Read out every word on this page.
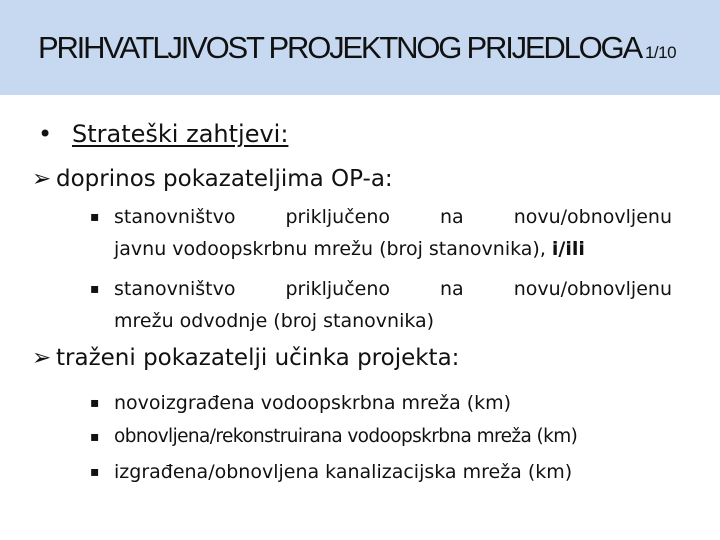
PRIHVATLJIVOST PROJEKTNOG PRIJEDLOGA 1/10
• Strateški zahtjevi:
➢ doprinos pokazateljima OP-a:
▪ stanovništvo	priključeno	na	novu/obnovljenu
javnu vodoopskrbnu mrežu (broj stanovnika), i/ili
▪ stanovništvo	priključeno	na	novu/obnovljenu
mrežu odvodnje (broj stanovnika)
➢ traženi pokazatelji učinka projekta:
▪ novoizgrađena vodoopskrbna mreža (km)
▪ obnovljena/rekonstruirana vodoopskrbna mreža (km)
▪ izgrađena/obnovljena kanalizacijska mreža (km)
